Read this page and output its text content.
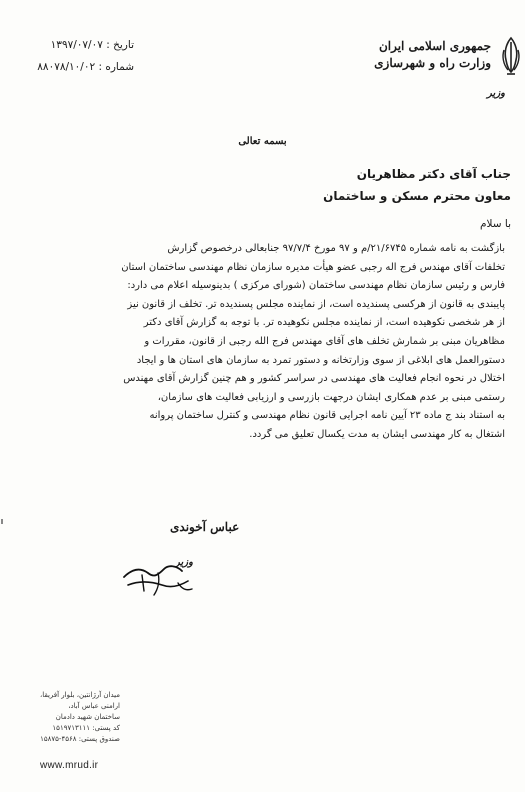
جمهوری اسلامی ایران
وزارت راه و شهرسازی
وزیر
تاریخ : ۱۳۹۷/۰۷/۰۷
شماره : ۸۸۰۷۸/۱۰/۰۲
بسمه تعالی
جناب آقای دکتر مظاهریان
معاون محترم مسکن و ساختمان
با سلام
بازگشت به نامه شماره ۲۱/۶۷۴۵/م و ۹۷ مورخ ۹۷/۷/۴ جنابعالی درخصوص گزارش
تخلفات آقای مهندس فرج اله رجبی عضو هیأت مدیره سازمان نظام مهندسی ساختمان استان
فارس و رئیس سازمان نظام مهندسی ساختمان (شورای مرکزی ) بدینوسیله اعلام می دارد:
پایبندی به قانون از هرکسی پسندیده است، از نماینده مجلس پسندیده تر. تخلف از قانون نیز
از هر شخصی نکوهیده است، از نماینده مجلس نکوهیده تر. با توجه به گزارش آقای دکتر
مظاهریان مبنی بر شمارش تخلف های آقای مهندس فرج الله رجبی از قانون، مقررات و
دستورالعمل های ابلاغی از سوی وزارتخانه و دستور تمرد به سازمان های استان ها و ایجاد
اختلال در نحوه انجام فعالیت های مهندسی در سراسر کشور و هم چنین گزارش آقای مهندس
رستمی مبنی بر عدم همکاری ایشان درجهت بازرسی و ارزیابی فعالیت های سازمان،
به استناد بند ج ماده ۲۳ آیین نامه اجرایی قانون نظام مهندسی و کنترل ساختمان پروانه
اشتغال به کار مهندسی ایشان به مدت یکسال تعلیق می گردد.
عباس آخوندی
وزیر
میدان آرژانتین، بلوار آفریقا،
ارامنی عباس آباد،
ساختمان شهید دادمان
کد پستی: ۱۵۱۹۷۱۳۱۱۱
صندوق پستی: ۴۵۶۸-۱۵۸۷۵
www.mrud.ir
